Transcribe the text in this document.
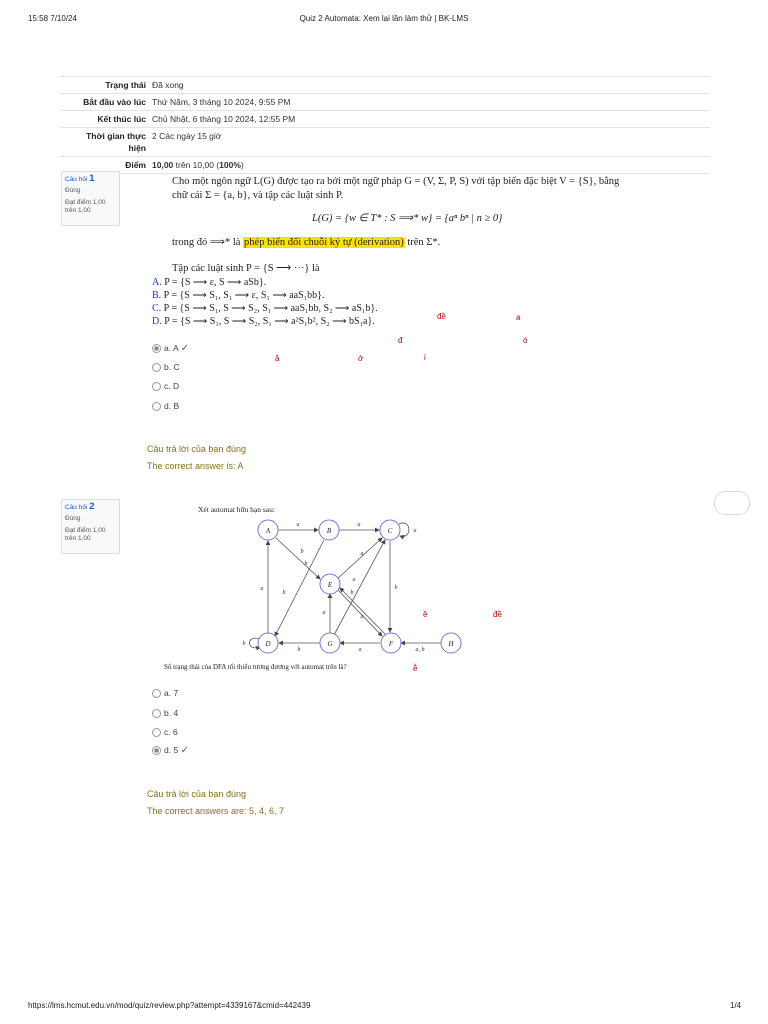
15:58 7/10/24	Quiz 2 Automata: Xem lại lần làm thử | BK-LMS
https://lms.hcmut.edu.vn/mod/quiz/review.php?attempt=4339167&cmid=442439	1/4
Trạng thái Đã xong
Bắt đầu vào lúc Thứ Năm, 3 tháng 10 2024, 9:55 PM
Kết thúc lúc Chủ Nhật, 6 tháng 10 2024, 12:55 PM
Thời gian thực
hiện
2 Các ngày 15 giờ
Điểm 10,00 trên 10,00 (100%)
Câu hỏi 1
Đúng
Đạt điểm 1,00
trên 1,00
Cho một ngôn ngữ L(G) được tạo ra bởi một ngữ pháp G = (V, Σ, P, S) với tập biến đặc biệt V = {S}, bằng
chữ cái Σ = {a, b}, và tập các luật sinh P.
L(G) = {w ∈ T* : S ⟹* w} = {aⁿ bⁿ | n ≥ 0}
trong đó ⟹* là phép biến đổi chuỗi ký tự (derivation) trên Σ*.
Tập các luật sinh P = {S ⟶ ···} là
A. P = {S ⟶ ε, S ⟶ aSb}.
B. P = {S ⟶ S₁, S₁ ⟶ ε, S₁ ⟶ aaS₁bb}.
C. P = {S ⟶ S₁, S ⟶ S₂, S₁ ⟶ aaS₁bb, S₂ ⟶ aS₁b}.
D. P = {S ⟶ S₁, S ⟶ S₂, S₁ ⟶ a²S₁b², S₂ ⟶ bS₁a}.	đề	a
đ	ó
â	ớ	i
a. A ✓
b. C
c. D
d. B
Câu trả lời của bạn đúng
The correct answer is: A
Câu hỏi 2
Đúng
Đạt điểm 1,00
trên 1,00
Xét automat hữu hạn sau:
A	B	C
E
D	G	F	H
a	a
a
b	a
b
a
b	b
b
a
a
a
a
b
b
a, b
Số trạng thái của DFA tối thiểu tương đương với automat trên là?
ề	đề
ễ
a. 7
b. 4
c. 6
d. 5 ✓
Câu trả lời của bạn đúng
The correct answers are: 5, 4, 6, 7
